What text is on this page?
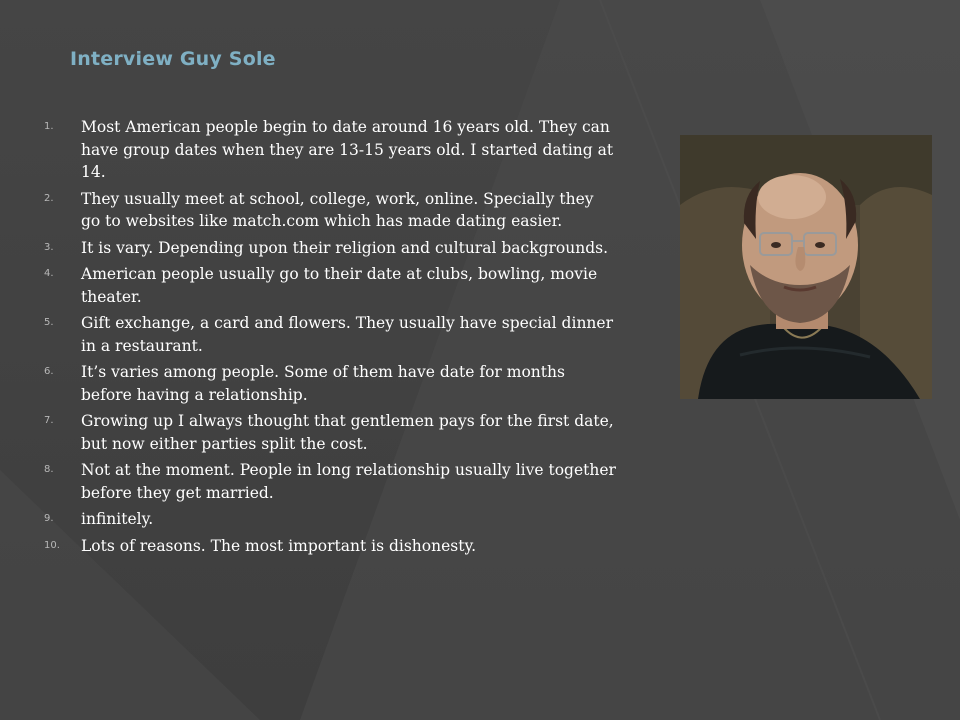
Interview Guy Sole
1. Most American people begin to date around 16 years old. They can have group dates when they are 13-15 years old. I started dating at 14.
2. They usually meet at school, college, work, online. Specially they go to websites like match.com which has made dating easier.
3. It is vary. Depending upon their religion and cultural backgrounds.
4. American people usually go to their date at clubs, bowling, movie theater.
5. Gift exchange, a card and flowers. They usually have special dinner in a restaurant.
6. It’s varies among people. Some of them have date for months before having a relationship.
7. Growing up I always thought that gentlemen pays for the first date, but now either parties split the cost.
8. Not at the moment. People in long relationship usually live together before they get married.
9. infinitely.
10. Lots of reasons. The most important is dishonesty.
